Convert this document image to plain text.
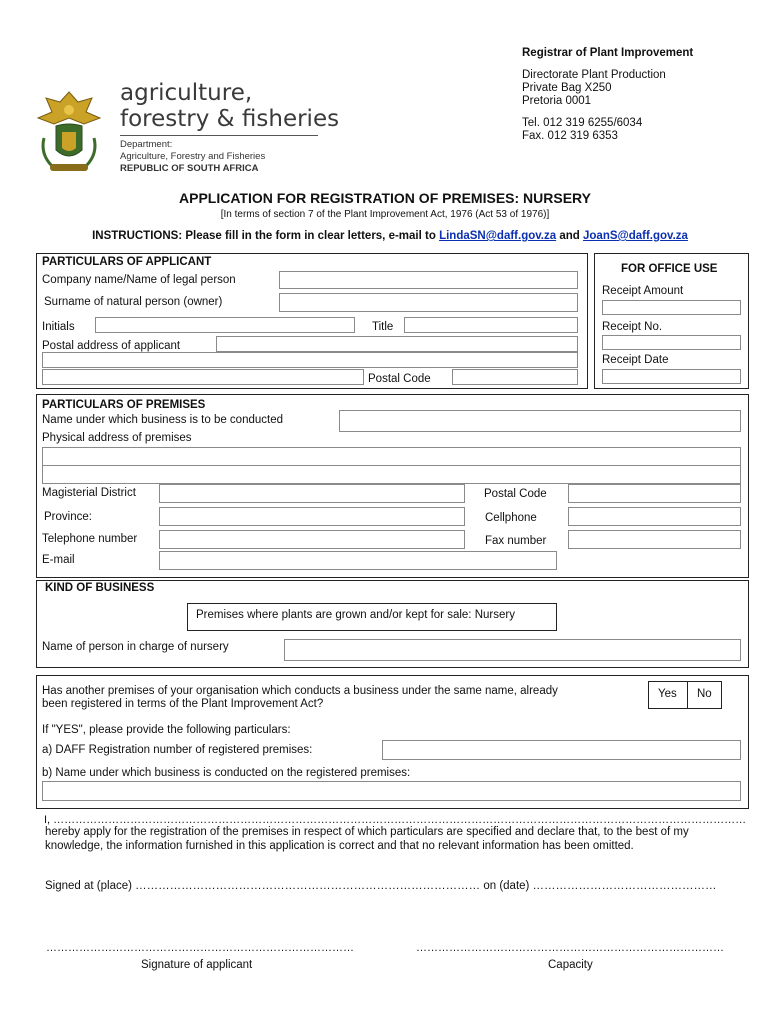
agriculture,
forestry & fisheries
Department:
Agriculture, Forestry and Fisheries
REPUBLIC OF SOUTH AFRICA
Registrar of Plant Improvement
Directorate Plant Production
Private Bag X250
Pretoria 0001
Tel. 012 319 6255/6034
Fax. 012 319 6353
APPLICATION FOR REGISTRATION OF PREMISES: NURSERY
[In terms of section 7 of the Plant Improvement Act, 1976 (Act 53 of 1976)]
INSTRUCTIONS: Please fill in the form in clear letters, e-mail to LindaSN@daff.gov.za and JoanS@daff.gov.za
PARTICULARS OF APPLICANT
Company name/Name of legal person
Surname of natural person (owner)
Initials	Title
Postal address of applicant
Postal Code
FOR OFFICE USE
Receipt Amount
Receipt No.
Receipt Date
PARTICULARS OF PREMISES
Name under which business is to be conducted
Physical address of premises
Magisterial District	Postal Code
Province:	Cellphone
Telephone number	Fax number
E-mail
KIND OF BUSINESS
Premises where plants are grown and/or kept for sale: Nursery
Name of person in charge of nursery
Has another premises of your organisation which conducts a business under the same name, already
been registered in terms of the Plant Improvement Act?
Yes No
If "YES", please provide the following particulars:
a) DAFF Registration number of registered premises:
b) Name under which business is conducted on the registered premises:
I, ………………………………………………………………………………………………………………………………………………………………………
hereby apply for the registration of the premises in respect of which particulars are specified and declare that, to the best of my
knowledge, the information furnished in this application is correct and that no relevant information has been omitted.
Signed at (place) ……………………………………………………………………………… on (date) …………………………………………
…………………………………………………………………………	…………………………………………………………………………
Signature of applicant	Capacity
